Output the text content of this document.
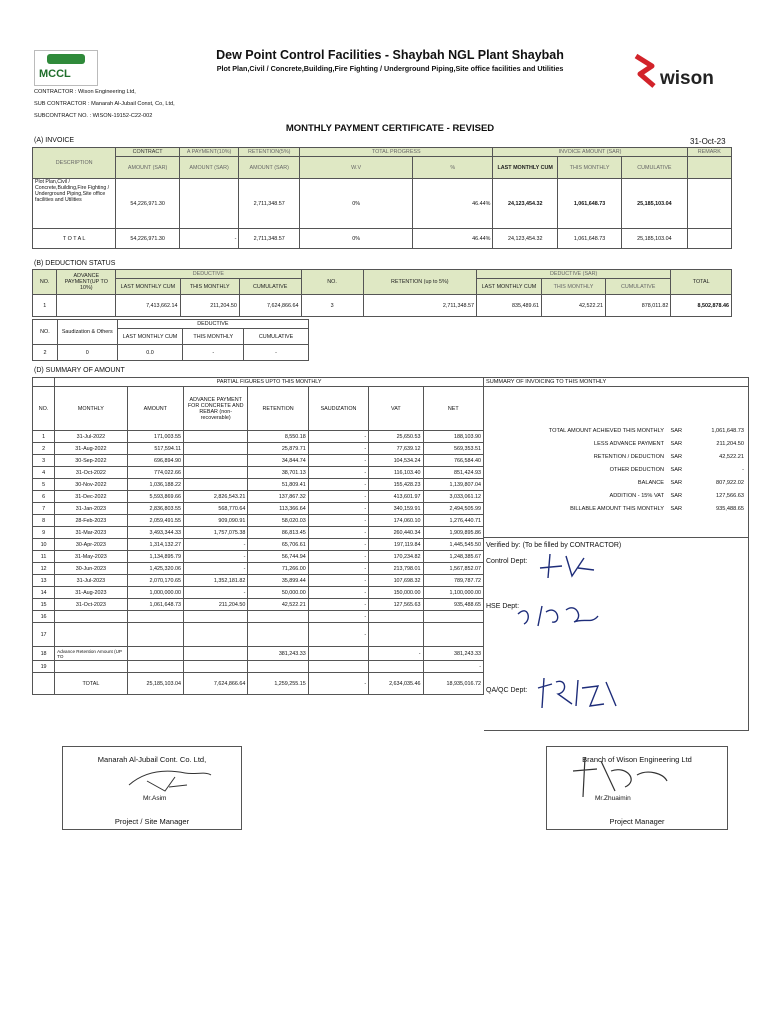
MCCL
Dew Point Control Facilities - Shaybah NGL Plant Shaybah
Plot Plan,Civil / Concrete,Building,Fire Fighting / Underground Piping,Site office facilities and Utilities	wison
CONTRACTOR : Wison Engineering Ltd,
SUB CONTRACTOR : Manarah Al-Jubail Const, Co, Ltd,
SUBCONTRACT NO. : WISON-19152-C22-002
MONTHLY PAYMENT CERTIFICATE - REVISED
(A) INVOICE	31-Oct-23
DESCRIPTION	CONTRACT	A PAYMENT(10%)	RETENTION(5%)	TOTAL PROGRESS		INVOICE AMOUNT (SAR)			REMARK
	AMOUNT (SAR)	AMOUNT (SAR)	AMOUNT (SAR)	W.V	%	LAST MONTHLY CUM	THIS MONTHLY	CUMULATIVE	
Plot Plan,Civil / Concrete,Building,Fire Fighting / Underground Piping,Site office facilities and Utilities	54,226,971.30		2,711,348.57	0%	46.44%	24,123,454.32	1,061,648.73	25,185,103.04	
T O T A L	54,226,971.30	-	2,711,348.57	0%	46.44%	24,123,454.32	1,061,648.73	25,185,103.04	
(B) DEDUCTION STATUS
NO.	ADVANCE PAYMENT(UP TO 10%)	DEDUCTIVE			NO.	RETENTION (up to 5%)	DEDUCTIVE (SAR)			TOTAL
		LAST MONTHLY CUM	THIS MONTHLY	CUMULATIVE			LAST MONTHLY CUM	THIS MONTHLY	CUMULATIVE	
1		7,413,662.14	211,204.50	7,624,866.64	3	2,711,348.57	835,489.61	42,522.21	878,011.82	8,502,878.46
NO.	Saudization & Others	DEDUCTIVE		
		LAST MONTHLY CUM	THIS MONTHLY	CUMULATIVE
2	0	0.0	-	-
(D) SUMMARY OF AMOUNT
	PARTIAL FIGURES UPTO THIS MONTHLY						
NO.	MONTHLY	AMOUNT	ADVANCE PAYMENT FOR CONCRETE AND REBAR (non-recoverable)	RETENTION	SAUDIZATION	VAT	NET
1	31-Jul-2022	171,003.55		8,550.18	-	25,650.53	188,103.90
2	31-Aug-2022	517,594.11		25,879.71	-	77,639.12	569,353.51
3	30-Sep-2022	696,894.90		34,844.74	-	104,534.24	766,584.40
4	31-Oct-2022	774,022.66		38,701.13	-	116,103.40	851,424.93
5	30-Nov-2022	1,036,188.22		51,809.41	-	155,428.23	1,139,807.04
6	31-Dec-2022	5,593,869.66	2,826,543.21	137,867.32	-	413,601.97	3,033,061.12
7	31-Jan-2023	2,836,803.55	568,770.64	113,366.64	-	340,159.91	2,494,505.99
8	28-Feb-2023	2,059,491.55	909,090.91	58,020.03	-	174,060.10	1,276,440.71
9	31-Mar-2023	3,493,344.33	1,757,075.38	86,813.45	-	260,440.34	1,909,895.86
10	30-Apr-2023	1,314,132.27	-	65,706.61	-	197,119.84	1,445,545.50
11	31-May-2023	1,134,895.79	-	56,744.94	-	170,234.82	1,248,385.67
12	30-Jun-2023	1,425,320.06	-	71,266.00	-	213,798.01	1,567,852.07
13	31-Jul-2023	2,070,170.65	1,352,181.82	35,899.44	-	107,698.32	789,787.72
14	31-Aug-2023	1,000,000.00	-	50,000.00	-	150,000.00	1,100,000.00
15	31-Oct-2023	1,061,648.73	211,204.50	42,522.21	-	127,565.63	935,488.65
16					-		
17					-		
18	Advance Retention Amount (UP TO			381,243.33		-	381,243.33
19							-
	TOTAL	25,185,103.04	7,624,866.64	1,259,255.15	-	2,634,035.46	18,935,016.72
SUMMARY OF INVOICING TO THIS MONTHLY
TOTAL AMOUNT ACHIEVED THIS MONTHLY SAR	1,061,648.73
LESS ADVANCE PAYMENT SAR	211,204.50
RETENTION / DEDUCTION SAR	42,522.21
OTHER DEDUCTION SAR	-
BALANCE SAR	807,922.02
ADDITION - 15% VAT SAR	127,566.63
BILLABLE AMOUNT THIS MONTHLY SAR	935,488.65
Verified by: (To be filled by CONTRACTOR)
Control Dept:
HSE Dept:
QA/QC Dept:
Manarah Al-Jubail Cont. Co. Ltd,
Mr.Asim
Project / Site Manager
Branch of Wison Engineering Ltd
Mr.Zhuaimin
Project Manager
